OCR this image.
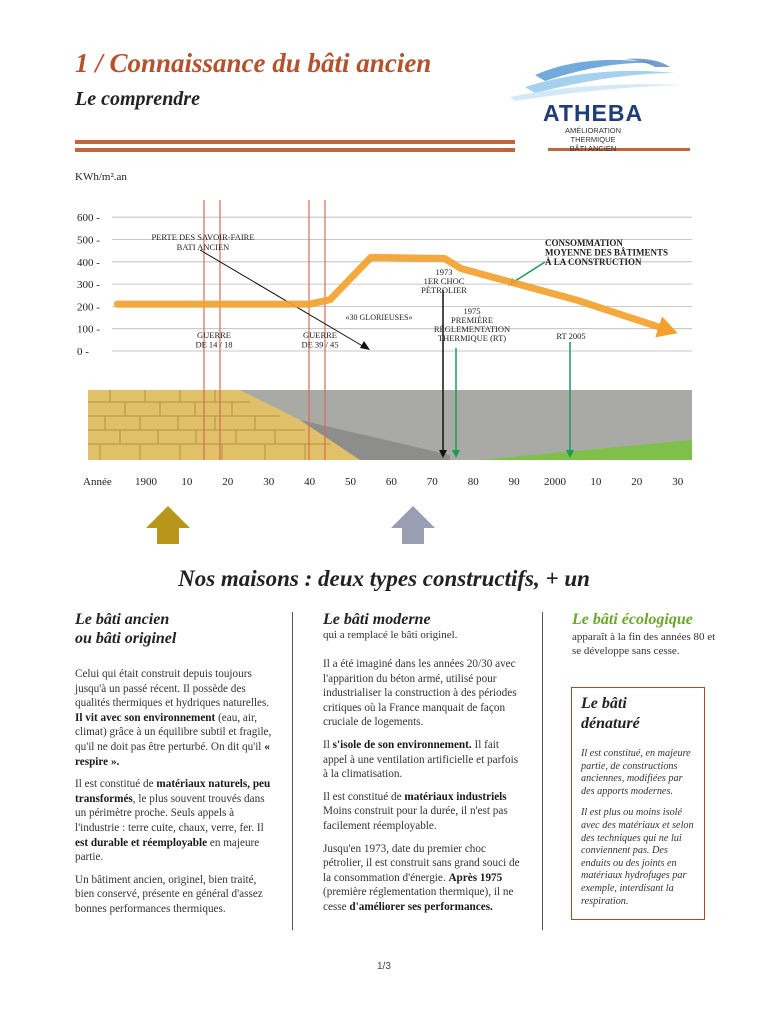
1 / Connaissance du bâti ancien
Le comprendre
ATHEBA
AMÉLIORATION
THERMIQUE
BÂTI ANCIEN
KWh/m².an
600 -
500 -
400 -
300 -
200 -
100 -
0 -
Année 1900 10	20	30	40	50	60	70	80	90 2000 10	20	30
PERTE DES SAVOIR-FAIRE
BATI ANCIEN	CONSOMMATION
MOYENNE DES BÂTIMENTS
À LA CONSTRUCTION
1973
1ER CHOC
PÉTROLIER
1975
PREMIÈRE
RÉGLEMENTATION
THERMIQUE (RT)
«30 GLORIEUSES»
GUERRE
DE 14 / 18
GUERRE
DE 39 / 45
RT 2005
Nos maisons : deux types constructifs, + un
Le bâti ancien
ou bâti originel

Celui qui était construit depuis toujours jusqu'à un passé récent. Il possède des qualités thermiques et hydriques naturelles. Il vit avec son environnement (eau, air, climat) grâce à un équilibre subtil et fragile, qu'il ne doit pas être perturbé. On dit qu'il « respire ».

Il est constitué de matériaux naturels, peu transformés, le plus souvent trouvés dans un périmètre proche. Seuls appels à l'industrie : terre cuite, chaux, verre, fer. Il est durable et réemployable en majeure partie.

Un bâtiment ancien, originel, bien traité, bien conservé, présente en général d'assez bonnes performances thermiques.

Le bâti moderne
qui a remplacé le bâti originel.

Il a été imaginé dans les années 20/30 avec l'apparition du béton armé, utilisé pour industrialiser la construction à des périodes critiques où la France manquait de façon cruciale de logements.

Il s'isole de son environnement. Il fait appel à une ventilation artificielle et parfois à la climatisation.

Il est constitué de matériaux industriels Moins construit pour la durée, il n'est pas facilement réemployable.

Jusqu'en 1973, date du premier choc pétrolier, il est construit sans grand souci de la consommation d'énergie. Après 1975 (première réglementation thermique), il ne cesse d'améliorer ses performances.

Le bâti écologique
apparaît à la fin des années 80 et se développe sans cesse.
Le bâti
dénaturé

Il est constitué, en majeure partie, de constructions anciennes, modifiées par des apports modernes.

Il est plus ou moins isolé avec des matériaux et selon des techniques qui ne lui conviennent pas. Des enduits ou des joints en matériaux hydrofuges par exemple, interdisant la respiration.

1/3
